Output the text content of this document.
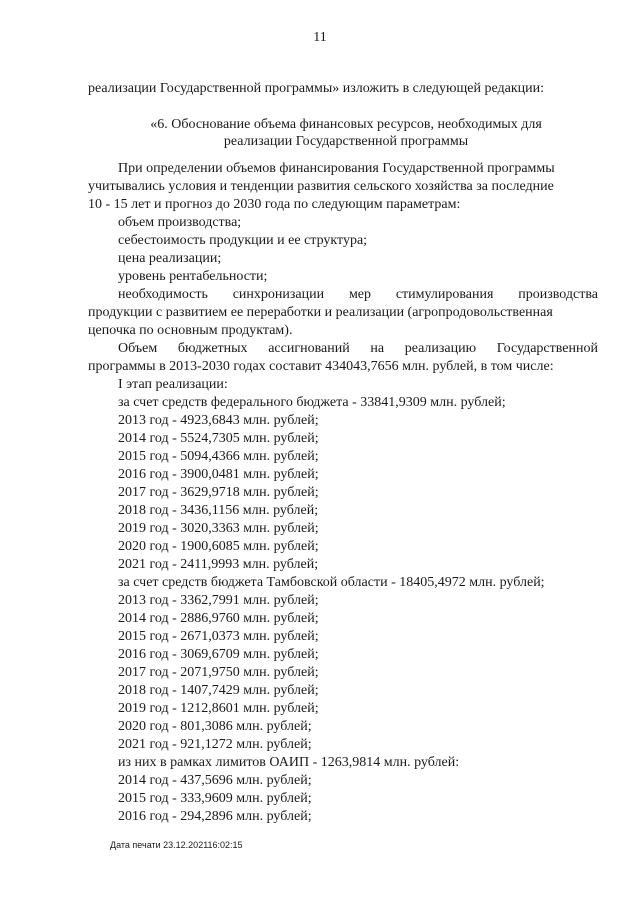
11
реализации Государственной программы» изложить в следующей редакции:
«6. Обоснование объема финансовых ресурсов, необходимых для
реализации Государственной программы

При определении объемов финансирования Государственной программы
учитывались условия и тенденции развития сельского хозяйства за последние
10 - 15 лет и прогноз до 2030 года по следующим параметрам:

объем производства;

себестоимость продукции и ее структура;

цена реализации;

уровень рентабельности;

необходимость синхронизации мер стимулирования производства
продукции с развитием ее переработки и реализации (агропродовольственная
цепочка по основным продуктам).

Объем бюджетных ассигнований на реализацию Государственной
программы в 2013-2030 годах составит 434043,7656 млн. рублей, в том числе:

I этап реализации:

за счет средств федерального бюджета - 33841,9309 млн. рублей;

2013 год - 4923,6843 млн. рублей;

2014 год - 5524,7305 млн. рублей;

2015 год - 5094,4366 млн. рублей;

2016 год - 3900,0481 млн. рублей;

2017 год - 3629,9718 млн. рублей;

2018 год - 3436,1156 млн. рублей;

2019 год - 3020,3363 млн. рублей;

2020 год - 1900,6085 млн. рублей;

2021 год - 2411,9993 млн. рублей;

за счет средств бюджета Тамбовской области - 18405,4972 млн. рублей;

2013 год - 3362,7991 млн. рублей;

2014 год - 2886,9760 млн. рублей;

2015 год - 2671,0373 млн. рублей;

2016 год - 3069,6709 млн. рублей;

2017 год - 2071,9750 млн. рублей;

2018 год - 1407,7429 млн. рублей;

2019 год - 1212,8601 млн. рублей;

2020 год - 801,3086 млн. рублей;

2021 год - 921,1272 млн. рублей;

из них в рамках лимитов ОАИП - 1263,9814 млн. рублей:

2014 год - 437,5696 млн. рублей;

2015 год - 333,9609 млн. рублей;

2016 год - 294,2896 млн. рублей;

Дата печати 23.12.202116:02:15
